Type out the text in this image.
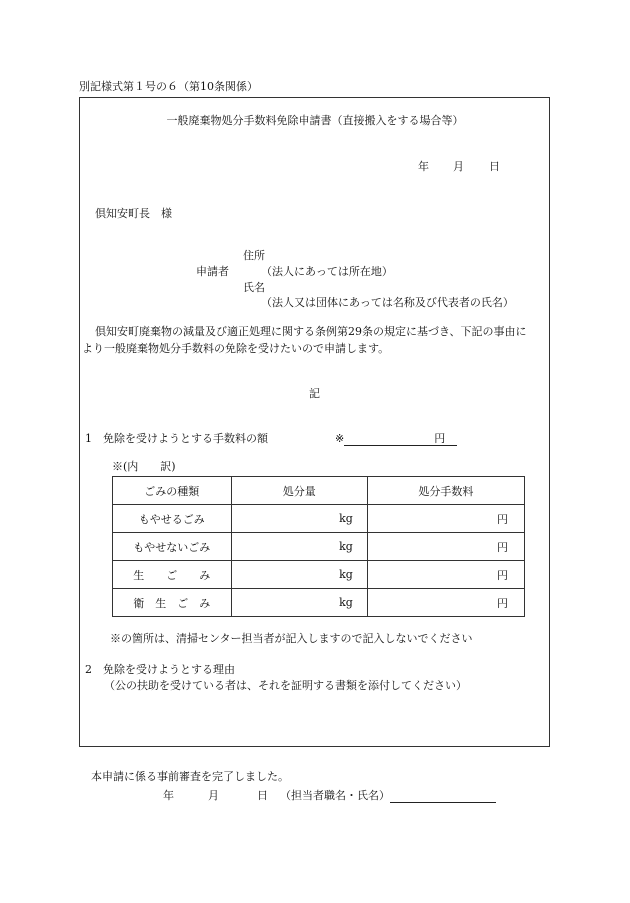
別記様式第１号の６（第10条関係）
一般廃棄物処分手数料免除申請書（直接搬入をする場合等）
年 月 日
倶知安町長　様
住所
申請者	（法人にあっては所在地）
氏名
（法人又は団体にあっては名称及び代表者の氏名）
倶知安町廃棄物の減量及び適正処理に関する条例第29条の規定に基づき、下記の事由に
より一般廃棄物処分手数料の免除を受けたいので申請します。
記
1　免除を受けようとする手数料の額	※	円
※(内　　訳)
ごみの種類	処分量	処分手数料
もやせるごみ	kg	円
もやせないごみ	kg	円
生　　ご　　み	kg	円
衛　生　ご　み	kg	円
※の箇所は、清掃センター担当者が記入しますので記入しないでください
2　免除を受けようとする理由
（公の扶助を受けている者は、それを証明する書類を添付してください）
本申請に係る事前審査を完了しました。
年	月	日 （担当者職名・氏名）
